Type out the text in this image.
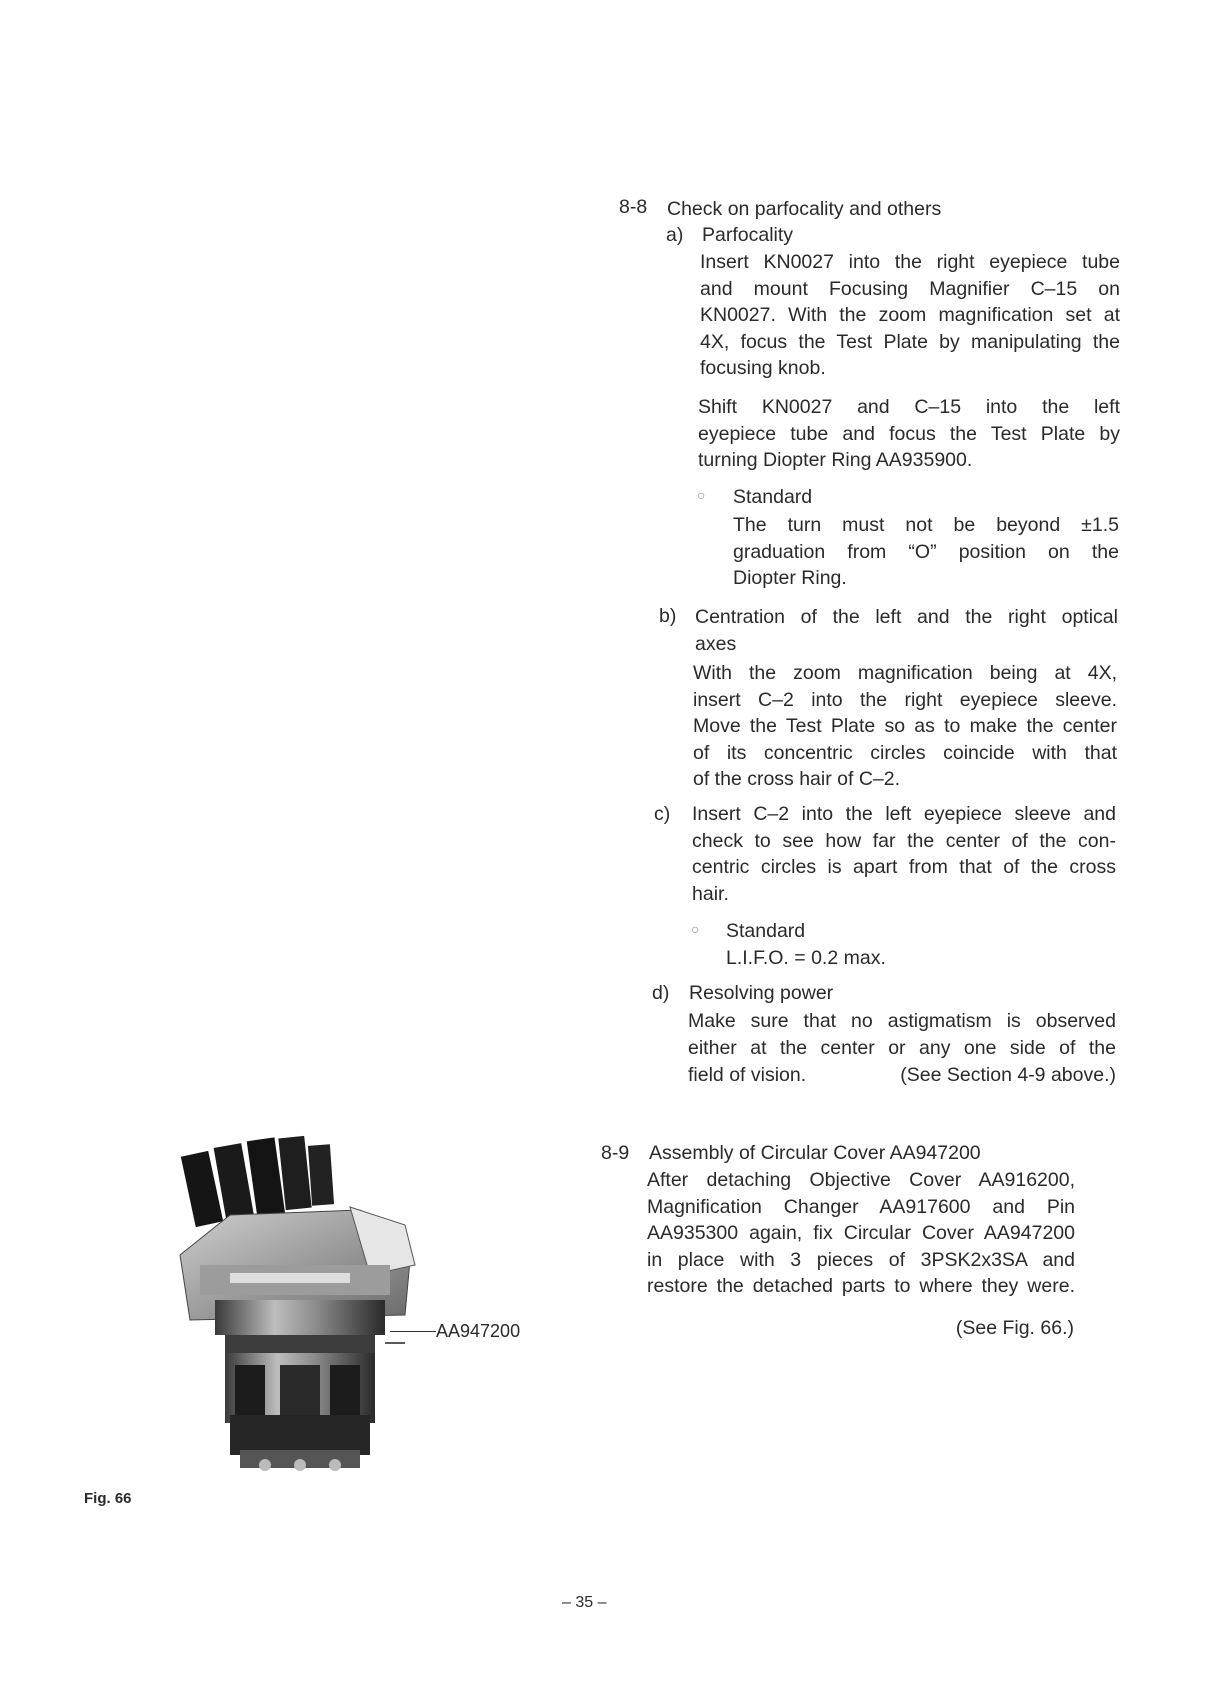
8-8 Check on parfocality and others
a) Parfocality
Insert KN0027 into the right eyepiece tube
and mount Focusing Magnifier C–15 on
KN0027. With the zoom magnification set at
4X, focus the Test Plate by manipulating the
focusing knob.
Shift KN0027 and C–15 into the left
eyepiece tube and focus the Test Plate by
turning Diopter Ring AA935900.
○ Standard
The turn must not be beyond ±1.5
graduation from “O” position on the
Diopter Ring.
b) Centration of the left and the right optical
axes
With the zoom magnification being at 4X,
insert C–2 into the right eyepiece sleeve.
Move the Test Plate so as to make the center
of its concentric circles coincide with that
of the cross hair of C–2.
c) Insert C–2 into the left eyepiece sleeve and
check to see how far the center of the con-
centric circles is apart from that of the cross
hair.
○ Standard
L.I.F.O. = 0.2 max.
d) Resolving power
Make sure that no astigmatism is observed
either at the center or any one side of the
field of vision.	(See Section 4-9 above.)
8-9 Assembly of Circular Cover AA947200
After detaching Objective Cover AA916200,
Magnification Changer AA917600 and Pin
AA935300 again, fix Circular Cover AA947200
in place with 3 pieces of 3PSK2x3SA and
restore the detached parts to where they were.
(See Fig. 66.)
AA947200
Fig. 66
– 35 –
